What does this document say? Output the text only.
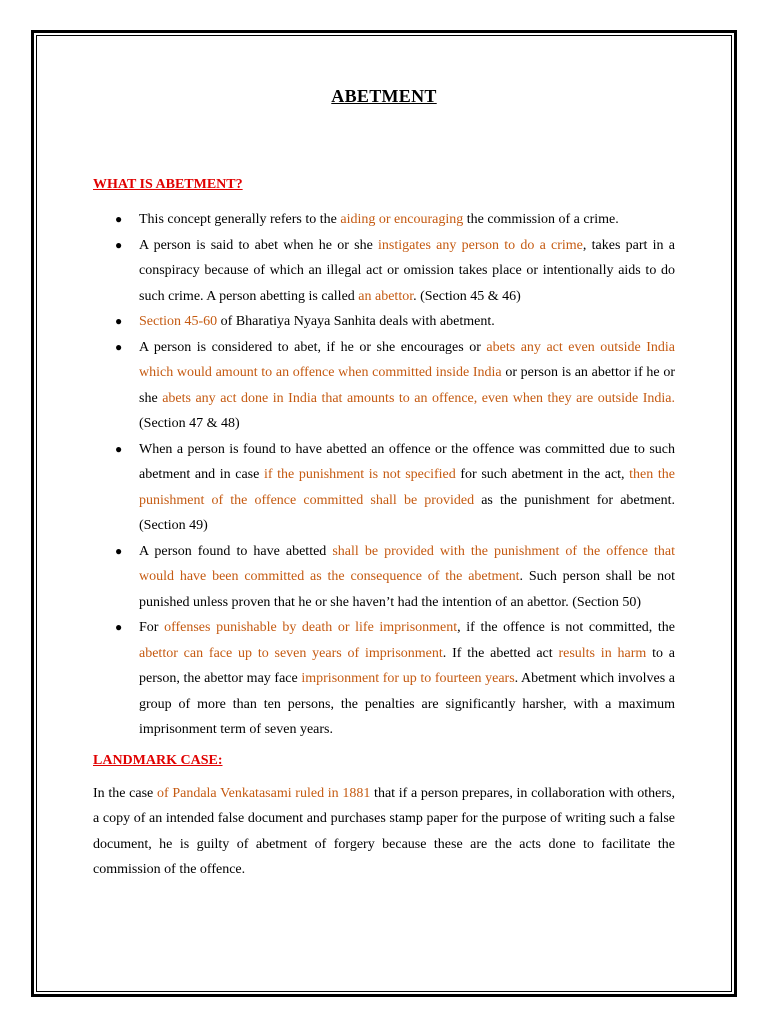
ABETMENT
WHAT IS ABETMENT?
● This concept generally refers to the aiding or encouraging the commission of a crime.
● A person is said to abet when he or she instigates any person to do a crime, takes part in a conspiracy because of which an illegal act or omission takes place or intentionally aids to do such crime. A person abetting is called an abettor. (Section 45 & 46)
● Section 45-60 of Bharatiya Nyaya Sanhita deals with abetment.
● A person is considered to abet, if he or she encourages or abets any act even outside India which would amount to an offence when committed inside India or person is an abettor if he or she abets any act done in India that amounts to an offence, even when they are outside India. (Section 47 & 48)
● When a person is found to have abetted an offence or the offence was committed due to such abetment and in case if the punishment is not specified for such abetment in the act, then the punishment of the offence committed shall be provided as the punishment for abetment. (Section 49)
● A person found to have abetted shall be provided with the punishment of the offence that would have been committed as the consequence of the abetment. Such person shall be not punished unless proven that he or she haven’t had the intention of an abettor. (Section 50)
● For offenses punishable by death or life imprisonment, if the offence is not committed, the abettor can face up to seven years of imprisonment. If the abetted act results in harm to a person, the abettor may face imprisonment for up to fourteen years. Abetment which involves a group of more than ten persons, the penalties are significantly harsher, with a maximum imprisonment term of seven years.
LANDMARK CASE:

In the case of Pandala Venkatasami ruled in 1881 that if a person prepares, in collaboration with others, a copy of an intended false document and purchases stamp paper for the purpose of writing such a false document, he is guilty of abetment of forgery because these are the acts done to facilitate the commission of the offence.
